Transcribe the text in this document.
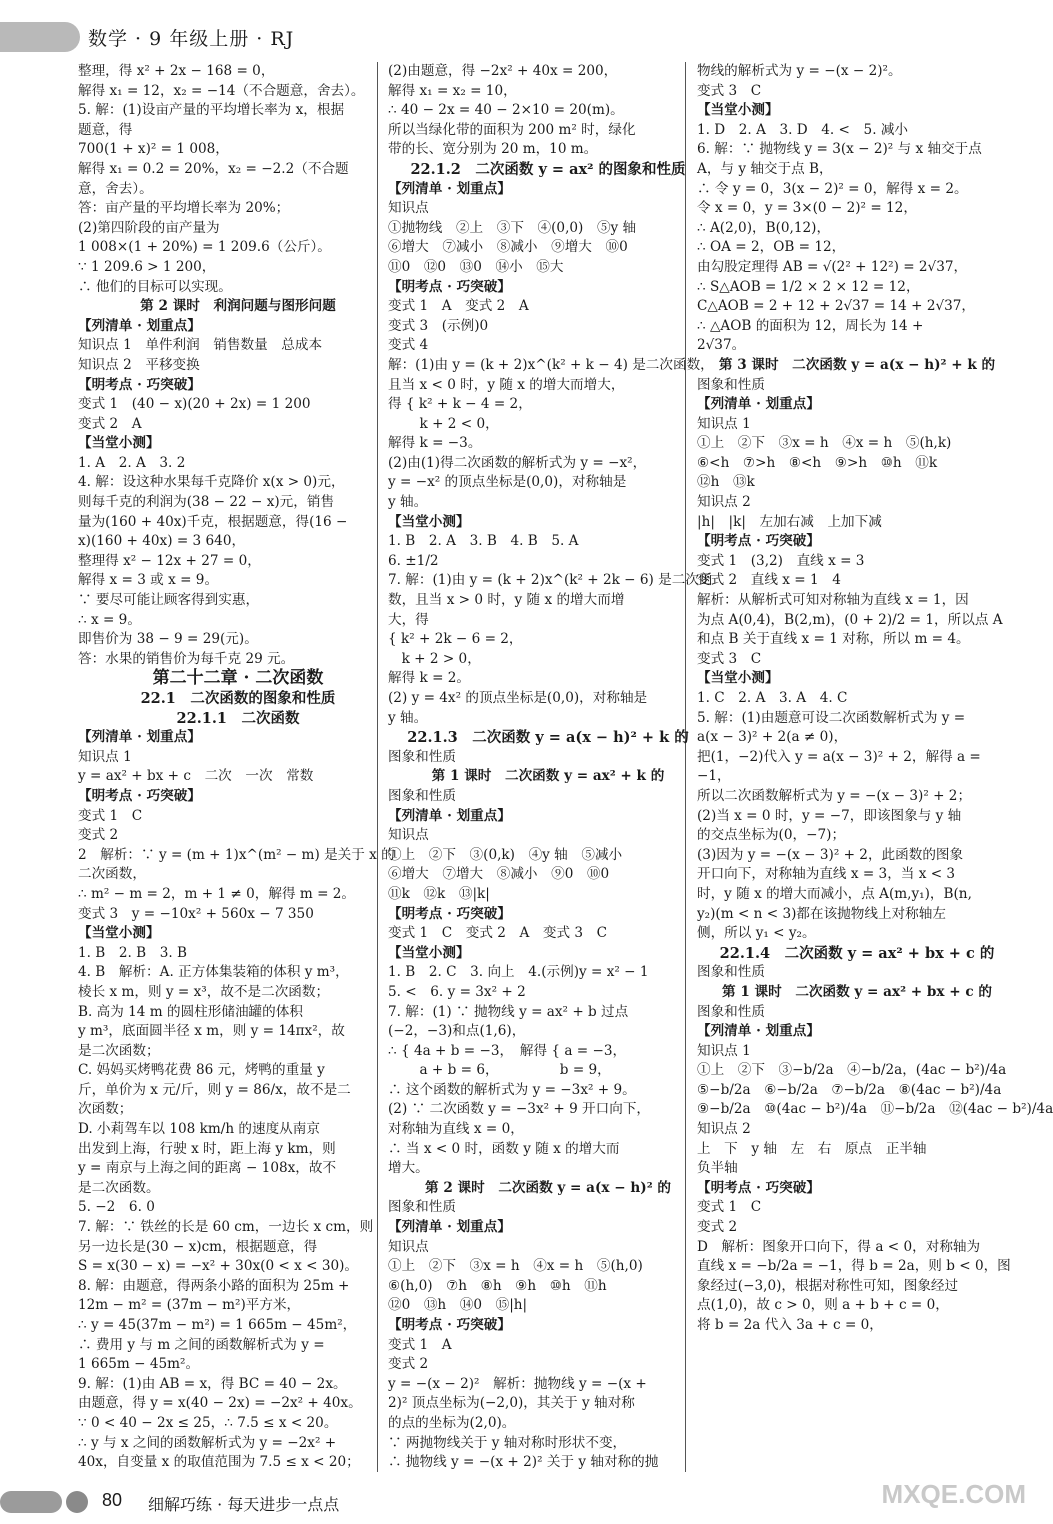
数学 · 9 年级上册 · RJ
整理，得 x² + 2x − 168 = 0，
解得 x₁ = 12，x₂ = −14（不合题意，舍去）。
5. 解：(1)设亩产量的平均增长率为 x，根据
题意，得
700(1 + x)² = 1 008，
解得 x₁ = 0.2 = 20%，x₂ = −2.2（不合题
意，舍去）。
答：亩产量的平均增长率为 20%；
(2)第四阶段的亩产量为
1 008×(1 + 20%) = 1 209.6（公斤）。
∵ 1 209.6 > 1 200，
∴ 他们的目标可以实现。
第 2 课时　利润问题与图形问题
【列清单 · 划重点】
知识点 1　单件利润　销售数量　总成本
知识点 2　平移变换
【明考点 · 巧突破】
变式 1　(40 − x)(20 + 2x) = 1 200
变式 2　A
【当堂小测】
1. A　2. A　3. 2
4. 解：设这种水果每千克降价 x(x > 0)元，
则每千克的利润为(38 − 22 − x)元，销售
量为(160 + 40x)千克，根据题意，得(16 −
x)(160 + 40x) = 3 640，
整理得 x² − 12x + 27 = 0，
解得 x = 3 或 x = 9。
∵ 要尽可能让顾客得到实惠，
∴ x = 9。
即售价为 38 − 9 = 29(元)。
答：水果的销售价为每千克 29 元。
第二十二章 · 二次函数
22.1　二次函数的图象和性质
22.1.1　二次函数
【列清单 · 划重点】
知识点 1
y = ax² + bx + c　二次　一次　常数
【明考点 · 巧突破】
变式 1　C
变式 2
2　解析：∵ y = (m + 1)x^(m² − m) 是关于 x 的
二次函数，
∴ m² − m = 2，m + 1 ≠ 0，解得 m = 2。
变式 3　y = −10x² + 560x − 7 350
【当堂小测】
1. B　2. B　3. B
4. B　解析：A. 正方体集装箱的体积 y m³，
棱长 x m，则 y = x³，故不是二次函数；
B. 高为 14 m 的圆柱形储油罐的体积
y m³，底面圆半径 x m，则 y = 14πx²，故
是二次函数；
C. 妈妈买烤鸭花费 86 元，烤鸭的重量 y
斤，单价为 x 元/斤，则 y = 86/x，故不是二
次函数；
D. 小莉驾车以 108 km/h 的速度从南京
出发到上海，行驶 x 时，距上海 y km，则
y = 南京与上海之间的距离 − 108x，故不
是二次函数。
5. −2　6. 0
7. 解：∵ 铁丝的长是 60 cm，一边长 x cm，则
另一边长是(30 − x)cm，根据题意，得
S = x(30 − x) = −x² + 30x(0 < x < 30)。
8. 解：由题意，得两条小路的面积为 25m +
12m − m² = (37m − m²)平方米，
∴ y = 45(37m − m²) = 1 665m − 45m²，
∴ 费用 y 与 m 之间的函数解析式为 y =
1 665m − 45m²。
9. 解：(1)由 AB = x，得 BC = 40 − 2x。
由题意，得 y = x(40 − 2x) = −2x² + 40x。
∵ 0 < 40 − 2x ≤ 25，∴ 7.5 ≤ x < 20。
∴ y 与 x 之间的函数解析式为 y = −2x² +
40x，自变量 x 的取值范围为 7.5 ≤ x < 20；
(2)由题意，得 −2x² + 40x = 200，
解得 x₁ = x₂ = 10，
∴ 40 − 2x = 40 − 2×10 = 20(m)。
所以当绿化带的面积为 200 m² 时，绿化
带的长、宽分别为 20 m，10 m。
22.1.2　二次函数 y = ax² 的图象和性质
【列清单 · 划重点】
知识点
①抛物线　②上　③下　④(0,0)　⑤y 轴
⑥增大　⑦减小　⑧减小　⑨增大　⑩0
⑪0　⑫0　⑬0　⑭小　⑮大
【明考点 · 巧突破】
变式 1　A　变式 2　A
变式 3　(示例)0
变式 4
解：(1)由 y = (k + 2)x^(k² + k − 4) 是二次函数，
且当 x < 0 时，y 随 x 的增大而增大，
得 { k² + k − 4 = 2，
　　 k + 2 < 0，
解得 k = −3。
(2)由(1)得二次函数的解析式为 y = −x²，
y = −x² 的顶点坐标是(0,0)，对称轴是
y 轴。
【当堂小测】
1. B　2. A　3. B　4. B　5. A
6. ±1/2
7. 解：(1)由 y = (k + 2)x^(k² + 2k − 6) 是二次函
数，且当 x > 0 时，y 随 x 的增大而增
大，得
{ k² + 2k − 6 = 2，
　k + 2 > 0，
解得 k = 2。
(2) y = 4x² 的顶点坐标是(0,0)，对称轴是
y 轴。
22.1.3　二次函数 y = a(x − h)² + k 的
图象和性质
第 1 课时　二次函数 y = ax² + k 的
图象和性质
【列清单 · 划重点】
知识点
①上　②下　③(0,k)　④y 轴　⑤减小
⑥增大　⑦增大　⑧减小　⑨0　⑩0
⑪k　⑫k　⑬|k|
【明考点 · 巧突破】
变式 1　C　变式 2　A　变式 3　C
【当堂小测】
1. B　2. C　3. 向上　4.(示例)y = x² − 1
5. <　6. y = 3x² + 2
7. 解：(1) ∵ 抛物线 y = ax² + b 过点
(−2，−3)和点(1,6)，
∴ { 4a + b = −3，　解得 { a = −3，
　　 a + b = 6，　　　　　b = 9，
∴ 这个函数的解析式为 y = −3x² + 9。
(2) ∵ 二次函数 y = −3x² + 9 开口向下，
对称轴为直线 x = 0，
∴ 当 x < 0 时，函数 y 随 x 的增大而
增大。
第 2 课时　二次函数 y = a(x − h)² 的
图象和性质
【列清单 · 划重点】
知识点
①上　②下　③x = h　④x = h　⑤(h,0)
⑥(h,0)　⑦h　⑧h　⑨h　⑩h　⑪h
⑫0　⑬h　⑭0　⑮|h|
【明考点 · 巧突破】
变式 1　A
变式 2
y = −(x − 2)²　解析：抛物线 y = −(x +
2)² 顶点坐标为(−2,0)，其关于 y 轴对称
的点的坐标为(2,0)。
∵ 两抛物线关于 y 轴对称时形状不变，
∴ 抛物线 y = −(x + 2)² 关于 y 轴对称的抛
物线的解析式为 y = −(x − 2)²。
变式 3　C
【当堂小测】
1. D　2. A　3. D　4. <　5. 减小
6. 解：∵ 抛物线 y = 3(x − 2)² 与 x 轴交于点
A，与 y 轴交于点 B，
∴ 令 y = 0，3(x − 2)² = 0，解得 x = 2。
令 x = 0，y = 3×(0 − 2)² = 12，
∴ A(2,0)，B(0,12)，
∴ OA = 2，OB = 12，
由勾股定理得 AB = √(2² + 12²) = 2√37，
∴ S△AOB = 1/2 × 2 × 12 = 12，
C△AOB = 2 + 12 + 2√37 = 14 + 2√37，
∴ △AOB 的面积为 12，周长为 14 +
2√37。
第 3 课时　二次函数 y = a(x − h)² + k 的
图象和性质
【列清单 · 划重点】
知识点 1
①上　②下　③x = h　④x = h　⑤(h,k)
⑥<h　⑦>h　⑧<h　⑨>h　⑩h　⑪k
⑫h　⑬k
知识点 2
|h|　|k|　左加右减　上加下减
【明考点 · 巧突破】
变式 1　(3,2)　直线 x = 3
变式 2　直线 x = 1　4
解析：从解析式可知对称轴为直线 x = 1，因
为点 A(0,4)，B(2,m)，(0 + 2)/2 = 1，所以点 A
和点 B 关于直线 x = 1 对称，所以 m = 4。
变式 3　C
【当堂小测】
1. C　2. A　3. A　4. C
5. 解：(1)由题意可设二次函数解析式为 y =
a(x − 3)² + 2(a ≠ 0)，
把(1，−2)代入 y = a(x − 3)² + 2，解得 a =
−1，
所以二次函数解析式为 y = −(x − 3)² + 2；
(2)当 x = 0 时，y = −7，即该图象与 y 轴
的交点坐标为(0，−7)；
(3)因为 y = −(x − 3)² + 2，此函数的图象
开口向下，对称轴为直线 x = 3，当 x < 3
时，y 随 x 的增大而减小，点 A(m,y₁)，B(n,
y₂)(m < n < 3)都在该抛物线上对称轴左
侧，所以 y₁ < y₂。
22.1.4　二次函数 y = ax² + bx + c 的
图象和性质
第 1 课时　二次函数 y = ax² + bx + c 的
图象和性质
【列清单 · 划重点】
知识点 1
①上　②下　③−b/2a　④−b/2a，(4ac − b²)/4a
⑤−b/2a　⑥−b/2a　⑦−b/2a　⑧(4ac − b²)/4a
⑨−b/2a　⑩(4ac − b²)/4a　⑪−b/2a　⑫(4ac − b²)/4a
知识点 2
上　下　y 轴　左　右　原点　正半轴
负半轴
【明考点 · 巧突破】
变式 1　C
变式 2
D　解析：图象开口向下，得 a < 0，对称轴为
直线 x = −b/2a = −1，得 b = 2a，则 b < 0，图
象经过(−3,0)，根据对称性可知，图象经过
点(1,0)，故 c > 0，则 a + b + c = 0，
将 b = 2a 代入 3a + c = 0，
80 细解巧练 · 每天进步一点点	MXQE.COM
